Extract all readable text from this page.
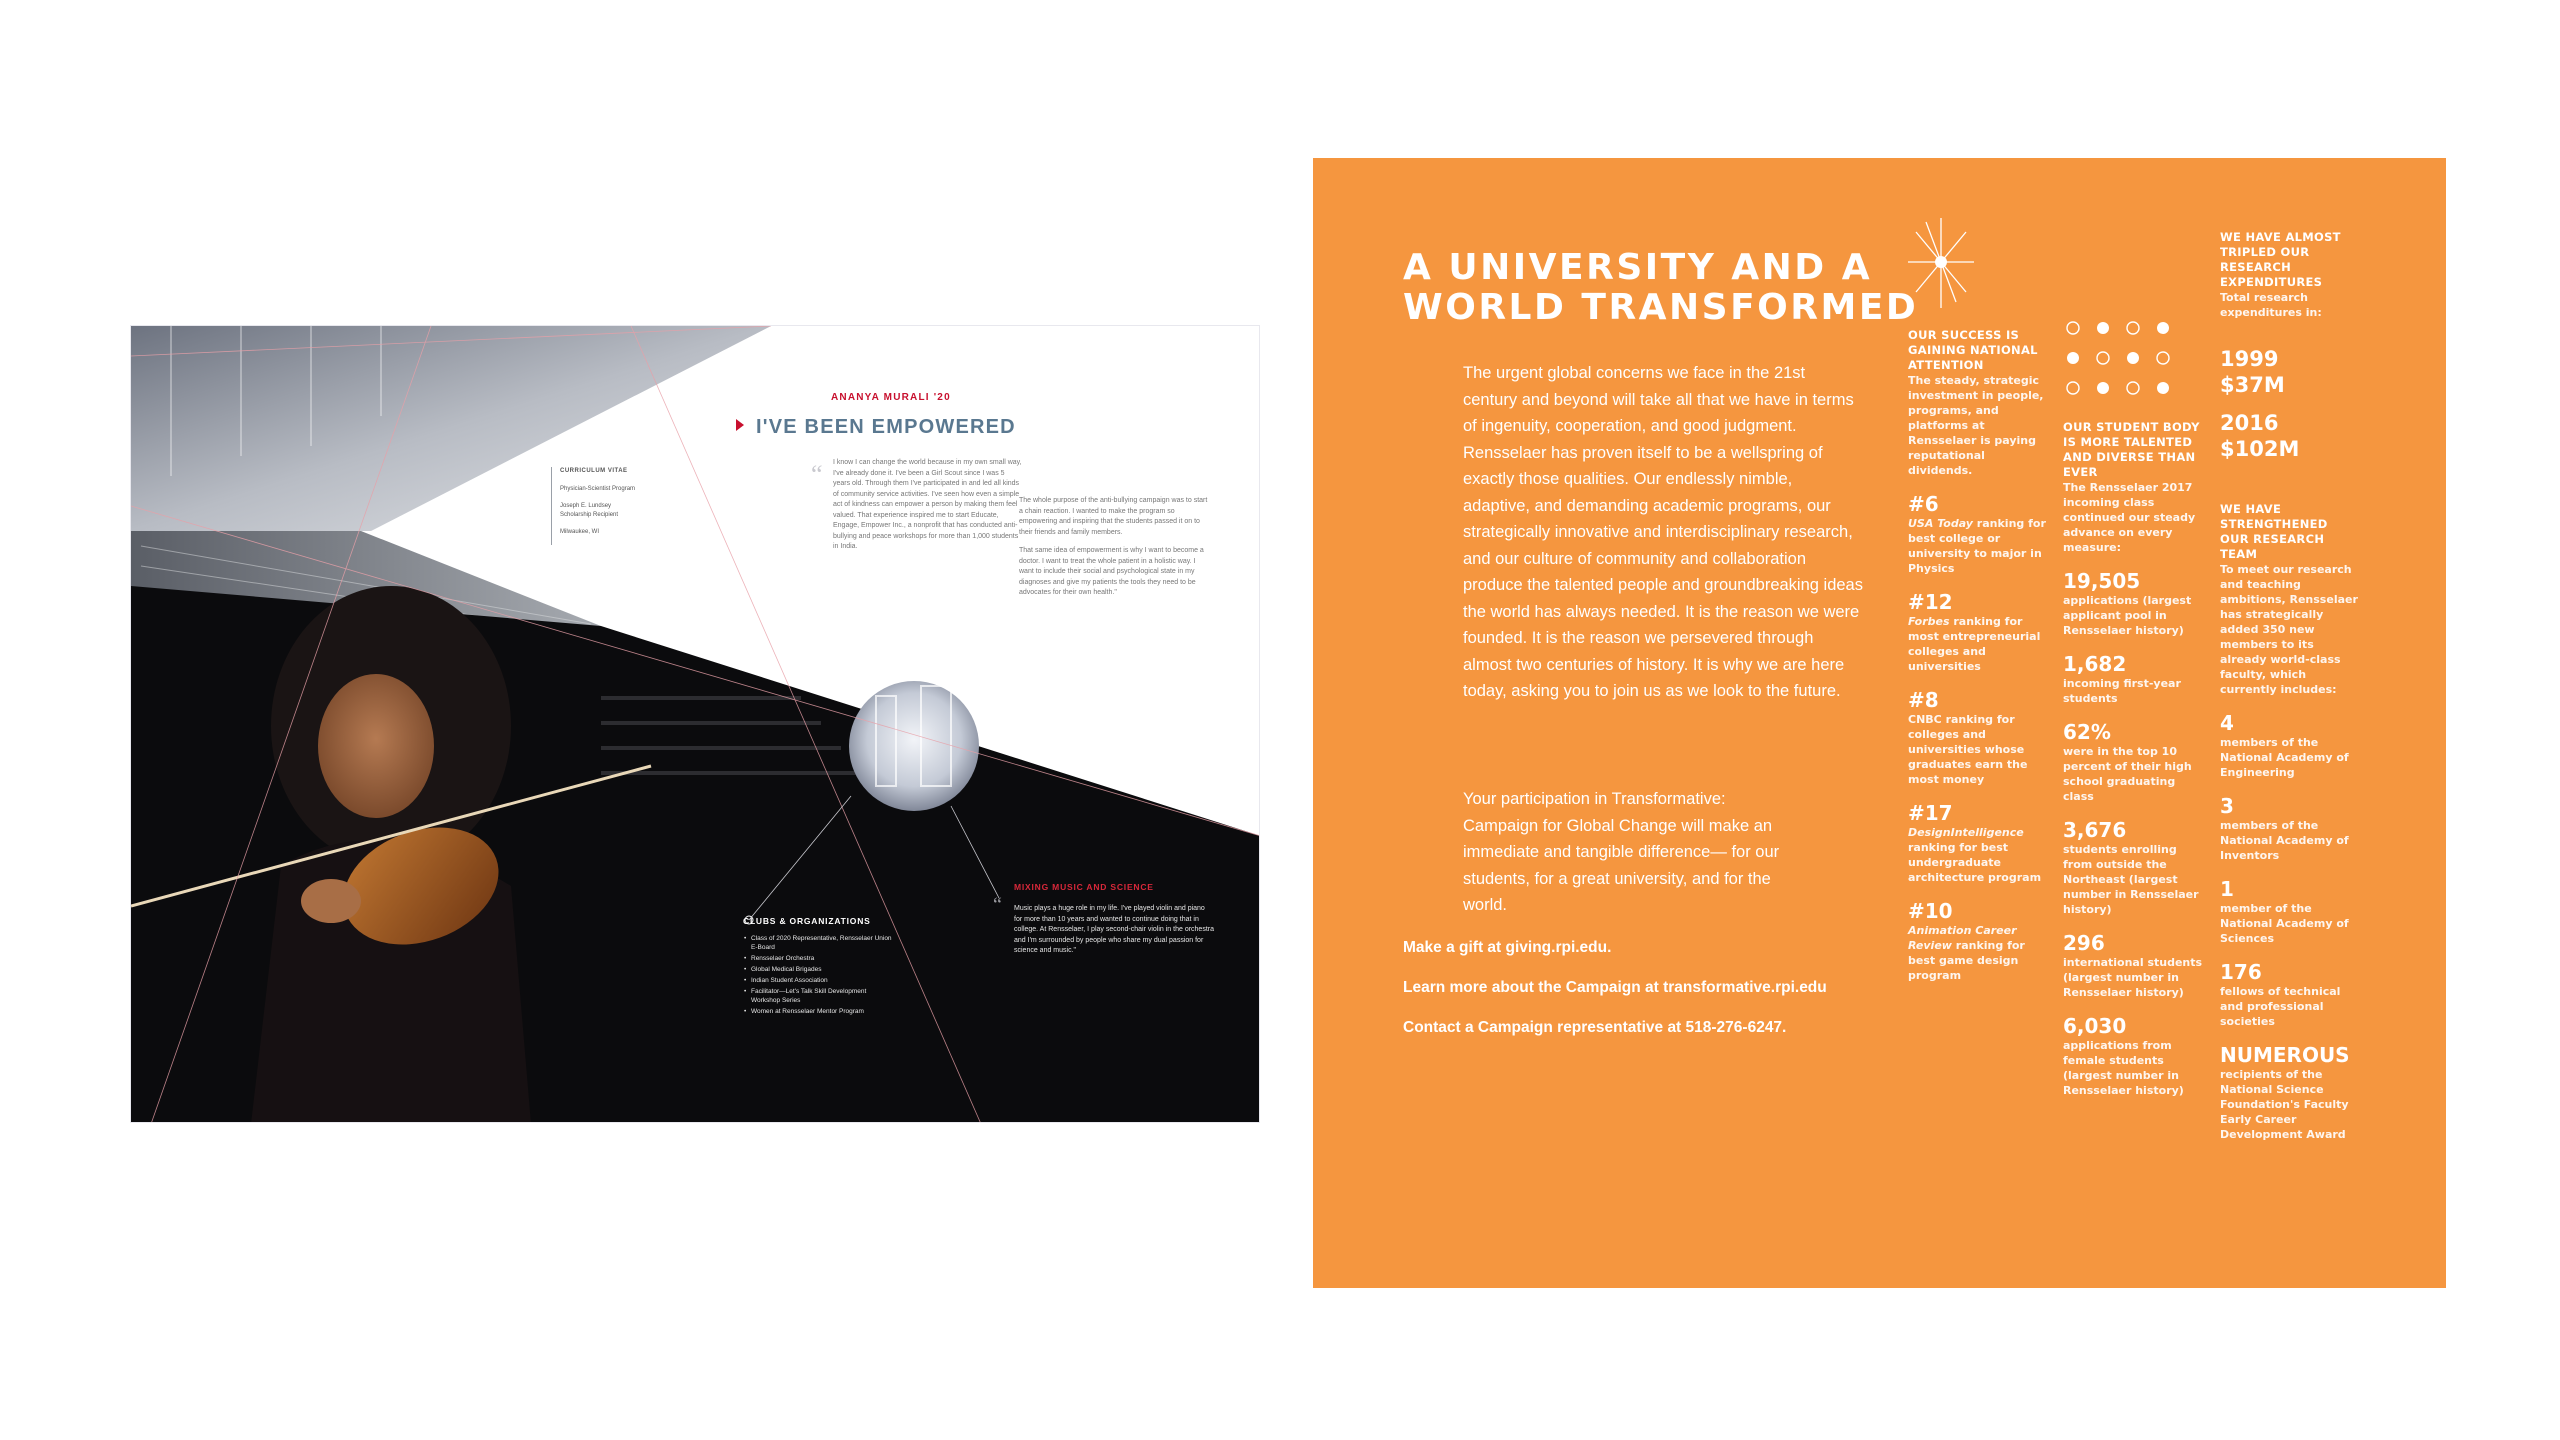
ANANYA MURALI '20
I'VE BEEN EMPOWERED
CURRICULUM VITAE
Physician-Scientist Program
Joseph E. Lundsey Scholarship Recipient
Milwaukee, WI
“ I know I can change the world because in my own small way, I've already done it. I've been a Girl Scout since I was 5 years old. Through them I've participated in and led all kinds of community service activities. I've seen how even a simple act of kindness can empower a person by making them feel valued. That experience inspired me to start Educate, Engage, Empower Inc., a nonprofit that has conducted anti-bullying and peace workshops for more than 1,000 students in India.

The whole purpose of the anti-bullying campaign was to start a chain reaction. I wanted to make the program so empowering and inspiring that the students passed it on to their friends and family members.

That same idea of empowerment is why I want to become a doctor. I want to treat the whole patient in a holistic way. I want to include their social and psychological state in my diagnoses and give my patients the tools they need to be advocates for their own health."

CLUBS & ORGANIZATIONS
• Class of 2020 Representative, Rensselaer Union E-Board
• Rensselaer Orchestra
• Global Medical Brigades
• Indian Student Association
• Facilitator—Let's Talk Skill Development Workshop Series
• Women at Rensselaer Mentor Program
MIXING MUSIC AND SCIENCE
“ Music plays a huge role in my life. I've played violin and piano for more than 10 years and wanted to continue doing that in college. At Rensselaer, I play second-chair violin in the orchestra and I'm surrounded by people who share my dual passion for science and music."
A UNIVERSITY AND A
WORLD TRANSFORMED
The urgent global concerns we face in the 21st century and beyond will take all that we have in terms of ingenuity, cooperation, and good judgment. Rensselaer has proven itself to be a wellspring of exactly those qualities. Our endlessly nimble, adaptive, and demanding academic programs, our strategically innovative and interdisciplinary research, and our culture of community and collaboration produce the talented people and groundbreaking ideas the world has always needed. It is the reason we were founded. It is the reason we persevered through almost two centuries of history. It is why we are here today, asking you to join us as we look to the future.
Your participation in Transformative: Campaign for Global Change will make an immediate and tangible difference— for our students, for a great university, and for the world.
Make a gift at giving.rpi.edu.
Learn more about the Campaign at transformative.rpi.edu
Contact a Campaign representative at 518-276-6247.
OUR SUCCESS IS GAINING NATIONAL ATTENTION
The steady, strategic investment in people, programs, and platforms at Rensselaer is paying reputational dividends.
#6
USA Today ranking for best college or university to major in Physics
#12
Forbes ranking for most entrepreneurial colleges and universities
#8
CNBC ranking for colleges and universities whose graduates earn the most money
#17
DesignIntelligence ranking for best undergraduate architecture program
#10
Animation Career Review ranking for best game design program
OUR STUDENT BODY IS MORE TALENTED AND DIVERSE THAN EVER
The Rensselaer 2017 incoming class continued our steady advance on every measure:
19,505
applications (largest applicant pool in Rensselaer history)
1,682
incoming first-year students
62%
were in the top 10 percent of their high school graduating class
3,676
students enrolling from outside the Northeast (largest number in Rensselaer history)
296
international students (largest number in Rensselaer history)
6,030
applications from female students (largest number in Rensselaer history)
WE HAVE ALMOST TRIPLED OUR RESEARCH EXPENDITURES
Total research expenditures in:
1999
$37M
2016
$102M
WE HAVE STRENGTHENED OUR RESEARCH TEAM
To meet our research and teaching ambitions, Rensselaer has strategically added 350 new members to its already world-class faculty, which currently includes:
4
members of the National Academy of Engineering
3
members of the National Academy of Inventors
1
member of the National Academy of Sciences
176
fellows of technical and professional societies
NUMEROUS
recipients of the National Science Foundation's Faculty Early Career Development Award
